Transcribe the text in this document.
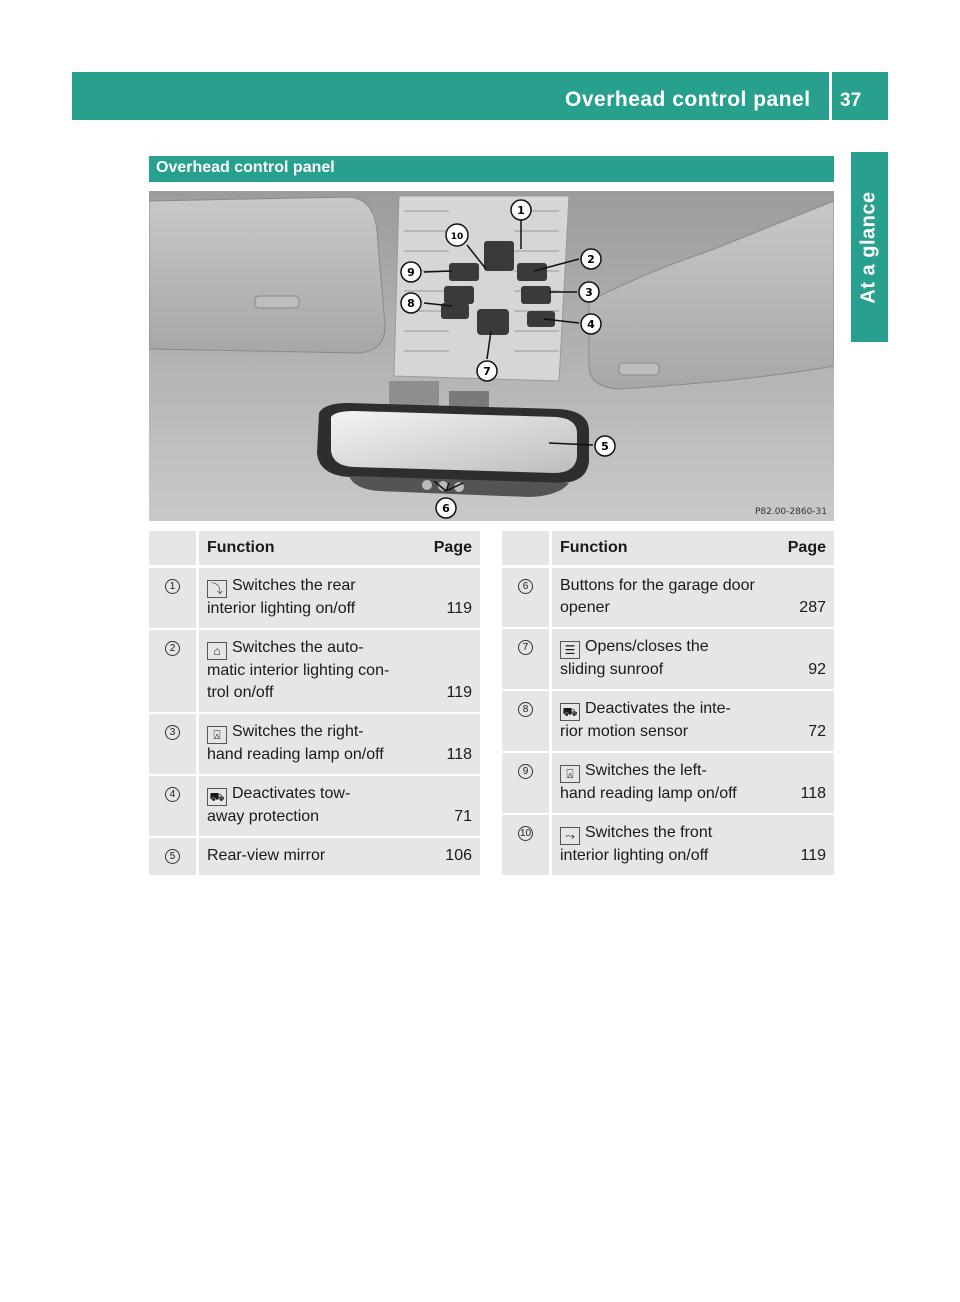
Overhead control panel 37
At a glance
Overhead control panel
1
2
3
4
5
6
7
8
9
10
P82.00-2860-31
	Function	Page
1	⤵ Switches the rear
interior lighting on/off	119
2	⌂ Switches the auto-
matic interior lighting con-
trol on/off	119
3	⍓ Switches the right-
hand reading lamp on/off	118
4	⛟ Deactivates tow-
away protection	71
5	Rear-view mirror	106
	Function	Page
6	Buttons for the garage door
opener	287
7	☰ Opens/closes the
sliding sunroof	92
8	⛟ Deactivates the inte-
rior motion sensor	72
9	⍓ Switches the left-
hand reading lamp on/off	118
10	⤳ Switches the front
interior lighting on/off	119
